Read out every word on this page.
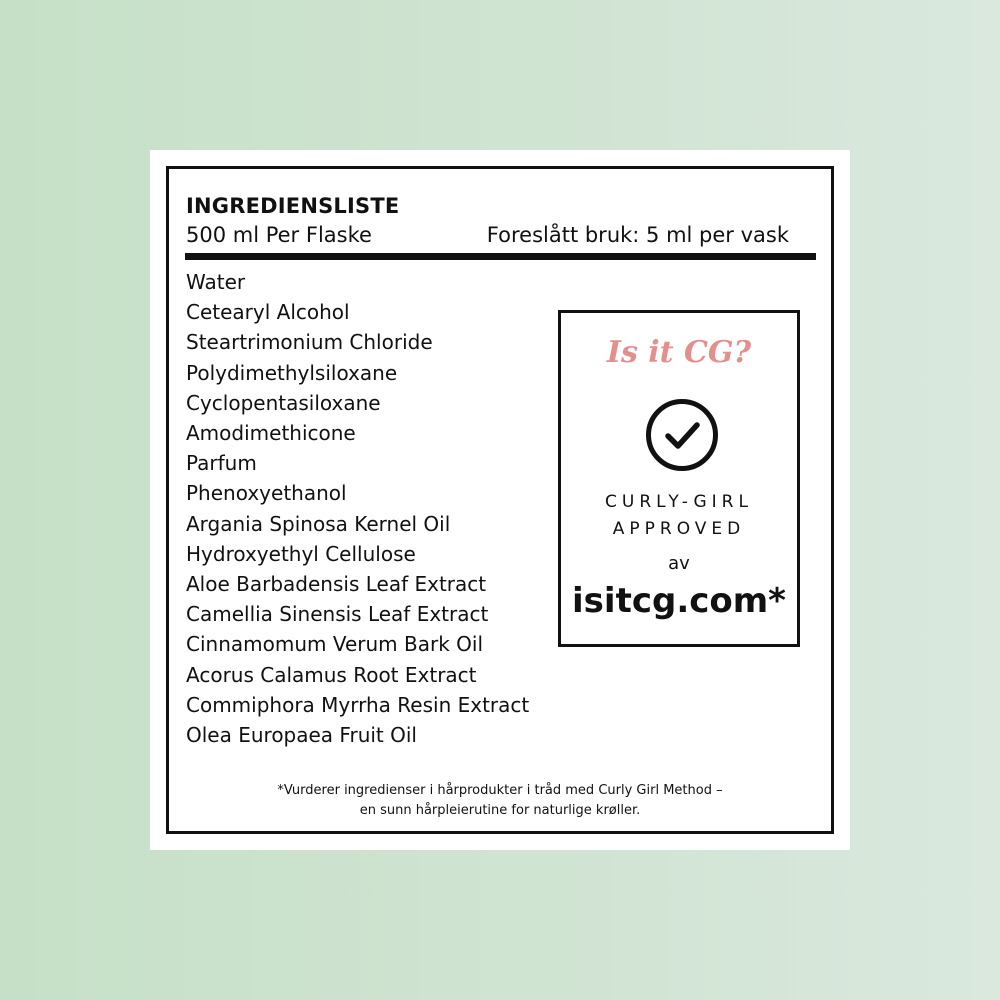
INGREDIENSLISTE
500 ml Per Flaske	Foreslått bruk: 5 ml per vask
Water
Cetearyl Alcohol
Steartrimonium Chloride
Polydimethylsiloxane
Cyclopentasiloxane
Amodimethicone
Parfum
Phenoxyethanol
Argania Spinosa Kernel Oil
Hydroxyethyl Cellulose
Aloe Barbadensis Leaf Extract
Camellia Sinensis Leaf Extract
Cinnamomum Verum Bark Oil
Acorus Calamus Root Extract
Commiphora Myrrha Resin Extract
Olea Europaea Fruit Oil
Is it CG?
CURLY-GIRL
APPROVED
av
isitcg.com*
*Vurderer ingredienser i hårprodukter i tråd med Curly Girl Method –
en sunn hårpleierutine for naturlige krøller.
